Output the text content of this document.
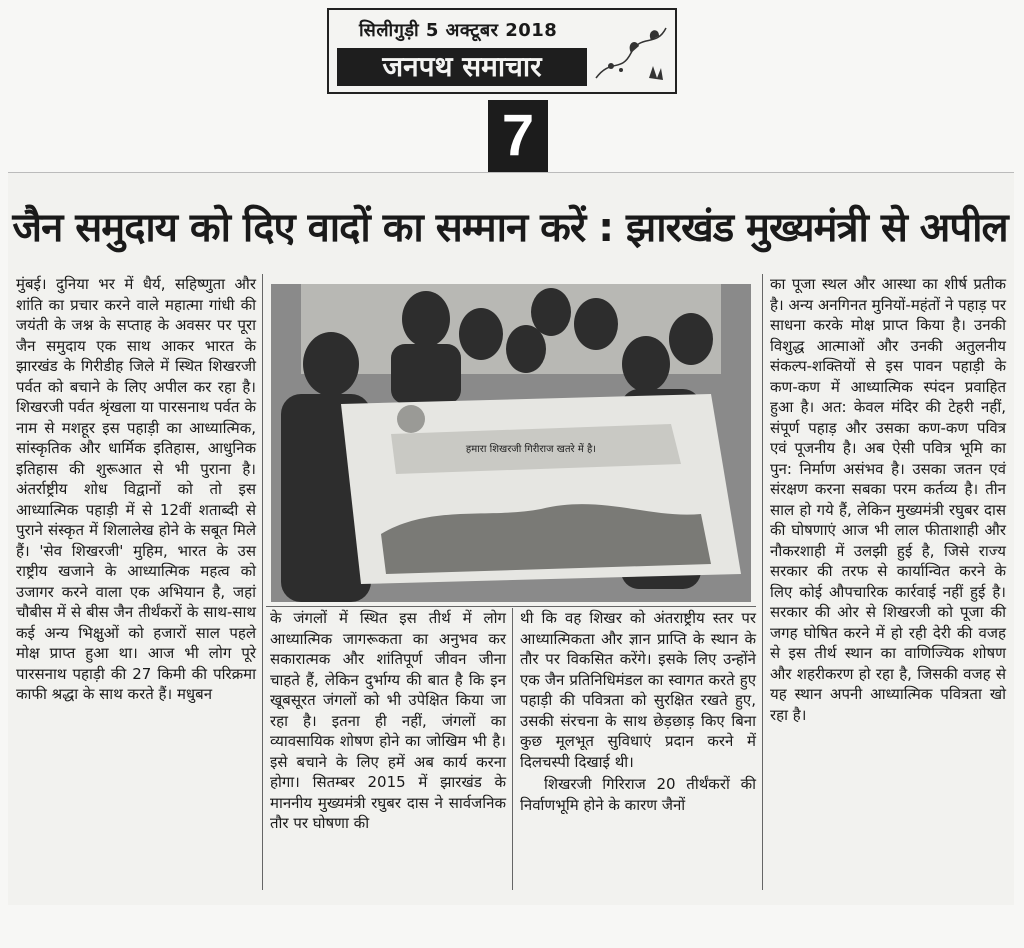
सिलीगुड़ी 5 अक्टूबर 2018
जनपथ समाचार
7
जैन समुदाय को दिए वादों का सम्मान करें : झारखंड मुख्यमंत्री से अपील

मुंबई। दुनिया भर में धैर्य, सहिष्णुता और शांति का प्रचार करने वाले महात्मा गांधी की जयंती के जश्न के सप्ताह के अवसर पर पूरा जैन समुदाय एक साथ आकर भारत के झारखंड के गिरीडीह जिले में स्थित शिखरजी पर्वत को बचाने के लिए अपील कर रहा है। शिखरजी पर्वत श्रृंखला या पारसनाथ पर्वत के नाम से मशहूर इस पहाड़ी का आध्यात्मिक, सांस्कृतिक और धार्मिक इतिहास, आधुनिक इतिहास की शुरूआत से भी पुराना है। अंतर्राष्ट्रीय शोध विद्वानों को तो इस आध्यात्मिक पहाड़ी में से 12वीं शताब्दी से पुराने संस्कृत में शिलालेख होने के सबूत मिले हैं। 'सेव शिखरजी' मुहिम, भारत के उस राष्ट्रीय खजाने के आध्यात्मिक महत्व को उजागर करने वाला एक अभियान है, जहां चौबीस में से बीस जैन तीर्थंकरों के साथ-साथ कई अन्य भिक्षुओं को हजारों साल पहले मोक्ष प्राप्त हुआ था। आज भी लोग पूरे पारसनाथ पहाड़ी की 27 किमी की परिक्रमा काफी श्रद्धा के साथ करते हैं। मधुबन

हमारा शिखरजी गिरीराज खतरे में है।

के जंगलों में स्थित इस तीर्थ में लोग आध्यात्मिक जागरूकता का अनुभव कर सकारात्मक और शांतिपूर्ण जीवन जीना चाहते हैं, लेकिन दुर्भाग्य की बात है कि इन खूबसूरत जंगलों को भी उपेक्षित किया जा रहा है। इतना ही नहीं, जंगलों का व्यावसायिक शोषण होने का जोखिम भी है। इसे बचाने के लिए हमें अब कार्य करना होगा। सितम्बर 2015 में झारखंड के माननीय मुख्यमंत्री रघुबर दास ने सार्वजनिक तौर पर घोषणा की

थी कि वह शिखर को अंतराष्ट्रीय स्तर पर आध्यात्मिकता और ज्ञान प्राप्ति के स्थान के तौर पर विकसित करेंगे। इसके लिए उन्होंने एक जैन प्रतिनिधिमंडल का स्वागत करते हुए पहाड़ी की पवित्रता को सुरक्षित रखते हुए, उसकी संरचना के साथ छेड़छाड़ किए बिना कुछ मूलभूत सुविधाएं प्रदान करने में दिलचस्पी दिखाई थी।

शिखरजी गिरिराज 20 तीर्थंकरों की निर्वाणभूमि होने के कारण जैनों

का पूजा स्थल और आस्था का शीर्ष प्रतीक है। अन्य अनगिनत मुनियों-महंतों ने पहाड़ पर साधना करके मोक्ष प्राप्त किया है। उनकी विशुद्ध आत्माओं और उनकी अतुलनीय संकल्प-शक्तियों से इस पावन पहाड़ी के कण-कण में आध्यात्मिक स्पंदन प्रवाहित हुआ है। अत: केवल मंदिर की टेहरी नहीं, संपूर्ण पहाड़ और उसका कण-कण पवित्र एवं पूजनीय है। अब ऐसी पवित्र भूमि का पुन: निर्माण असंभव है। उसका जतन एवं संरक्षण करना सबका परम कर्तव्य है। तीन साल हो गये हैं, लेकिन मुख्यमंत्री रघुबर दास की घोषणाएं आज भी लाल फीताशाही और नौकरशाही में उलझी हुई है, जिसे राज्य सरकार की तरफ से कार्यान्वित करने के लिए कोई औपचारिक कार्रवाई नहीं हुई है। सरकार की ओर से शिखरजी को पूजा की जगह घोषित करने में हो रही देरी की वजह से इस तीर्थ स्थान का वाणिज्यिक शोषण और शहरीकरण हो रहा है, जिसकी वजह से यह स्थान अपनी आध्यात्मिक पवित्रता खो रहा है।
